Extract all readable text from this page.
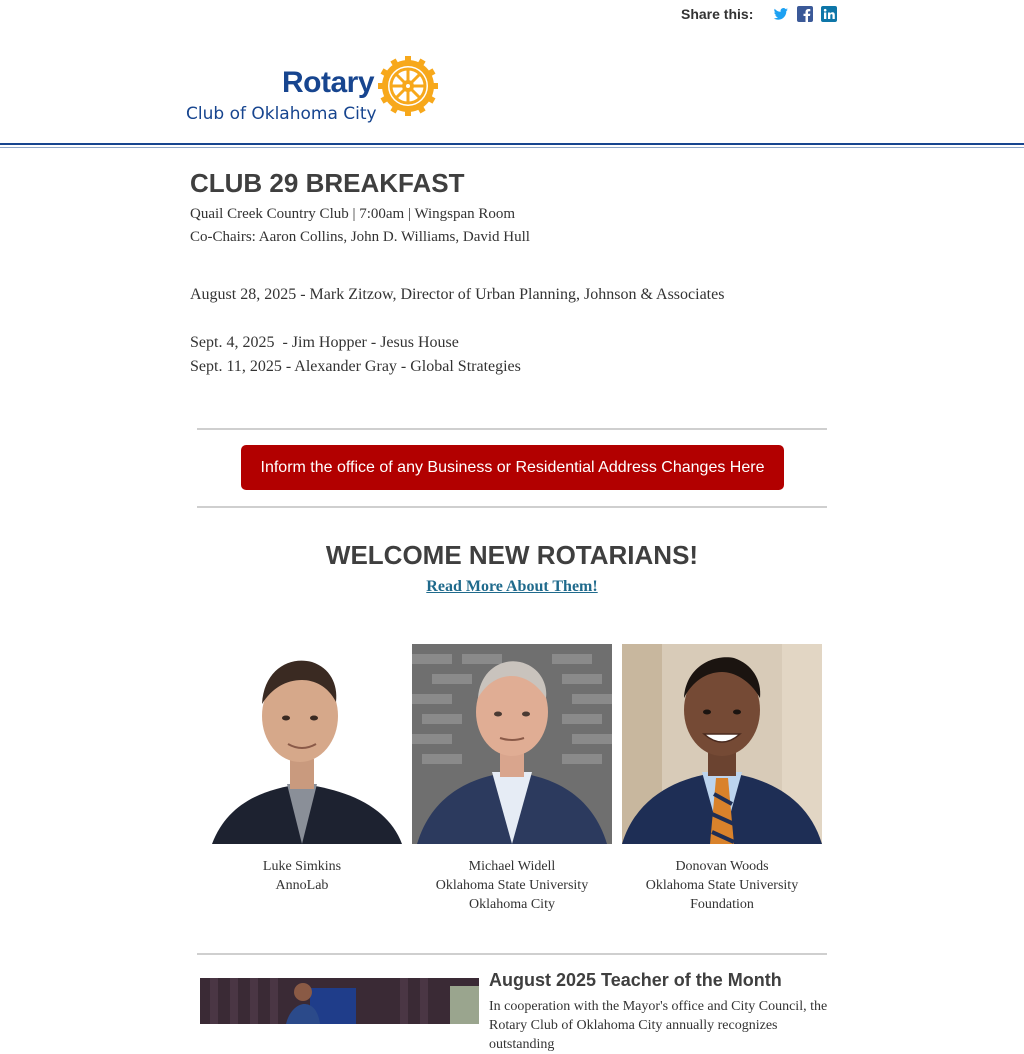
Share this:
Rotary
Club of Oklahoma City
CLUB 29 BREAKFAST

Quail Creek Country Club | 7:00am | Wingspan Room

Co-Chairs: Aaron Collins, John D. Williams, David Hull

August 28, 2025 - Mark Zitzow, Director of Urban Planning, Johnson & Associates

Sept. 4, 2025  - Jim Hopper - Jesus House

Sept. 11, 2025 - Alexander Gray - Global Strategies

Inform the office of any Business or Residential Address Changes Here
WELCOME NEW ROTARIANS!
Read More About Them!
Luke Simkins
AnnoLab
Michael Widell
Oklahoma State University
Oklahoma City
Donovan Woods
Oklahoma State University
Foundation
August 2025 Teacher of the Month
In cooperation with the Mayor's office and City Council, the Rotary Club of Oklahoma City annually recognizes outstanding
